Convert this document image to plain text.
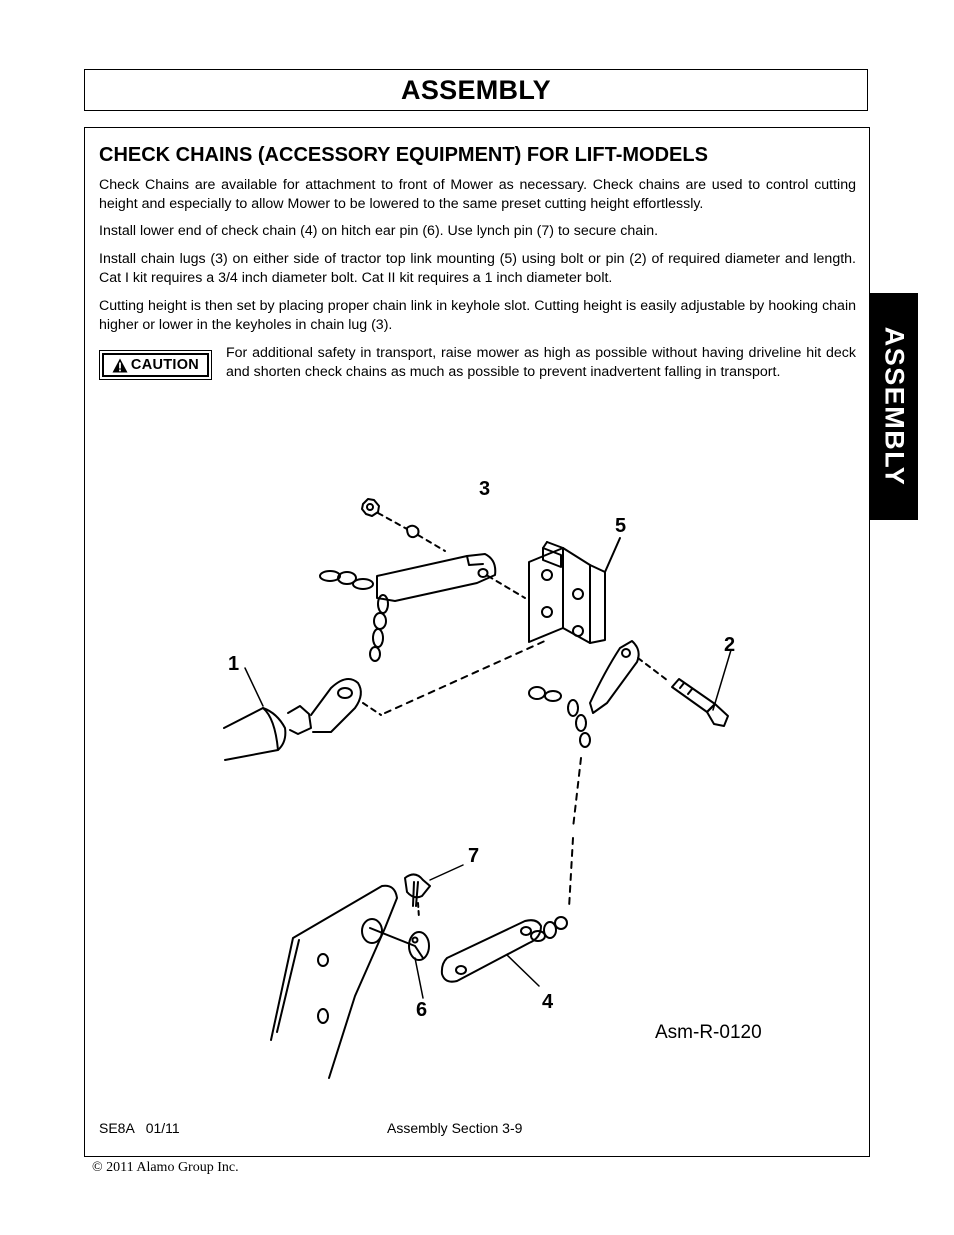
ASSEMBLY
ASSEMBLY
CHECK CHAINS (ACCESSORY EQUIPMENT) FOR LIFT-MODELS

Check Chains are available for attachment to front of Mower as necessary. Check chains are used to control cutting height and especially to allow Mower to be lowered to the same preset cutting height effortlessly.

Install lower end of check chain (4) on hitch ear pin (6). Use lynch pin (7) to secure chain.

Install chain lugs (3) on either side of tractor top link mounting (5) using bolt or pin (2) of required diameter and length. Cat I kit requires a 3/4 inch diameter bolt. Cat II kit requires a 1 inch diameter bolt.

Cutting height is then set by placing proper chain link in keyhole slot. Cutting height is easily adjustable by hooking chain higher or lower in the keyholes in chain lug (3).

CAUTION

For additional safety in transport, raise mower as high as possible without having driveline hit deck and shorten check chains as much as possible to prevent inadvertent falling in transport.

3
5
2
1
7
6	4
Asm-R-0120
SE8A   01/11	Assembly Section 3-9
© 2011 Alamo Group Inc.
